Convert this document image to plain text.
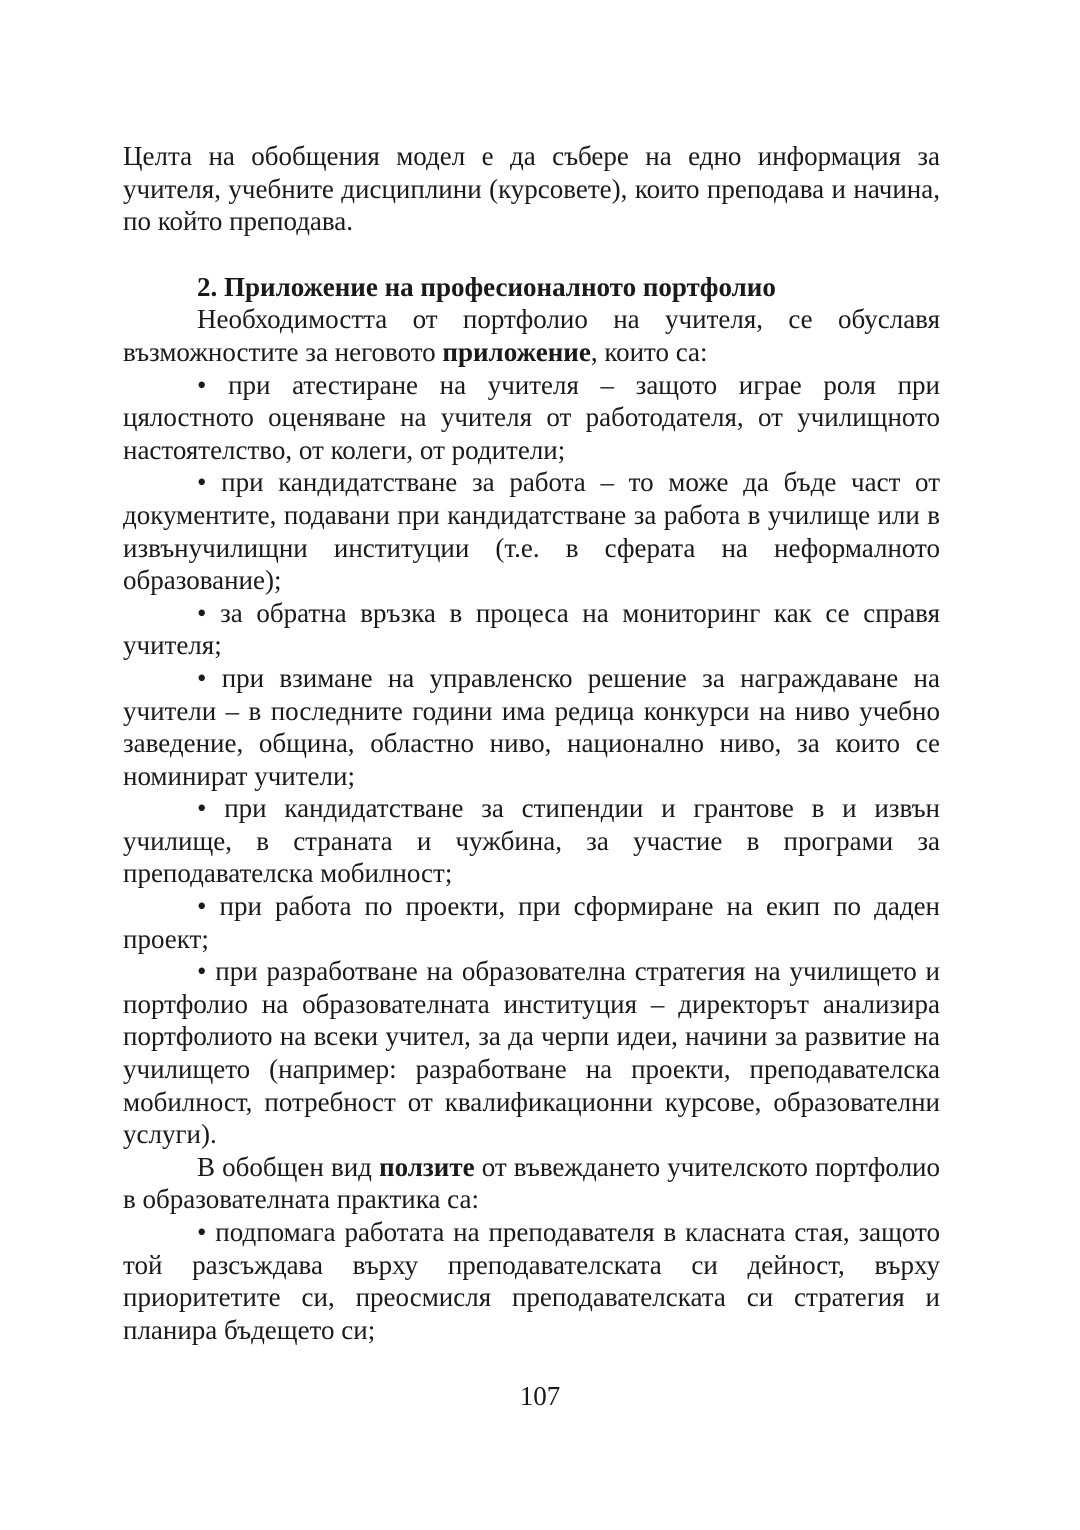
Целта на обобщения модел е да събере на едно информация за учителя, учебните дисциплини (курсовете), които преподава и начина, по който преподава.

2. Приложение на професионалното портфолио

Необходимостта от портфолио на учителя, се обуславя възможностите за неговото приложение, които са:

• при атестиране на учителя – защото играе роля при цялостното оценяване на учителя от работодателя, от училищното настоятелство, от колеги, от родители;

• при кандидатстване за работа – то може да бъде част от документите, подавани при кандидатстване за работа в училище или в извънучилищни институции (т.е. в сферата на неформалното образование);

• за обратна връзка в процеса на мониторинг как се справя учителя;

• при взимане на управленско решение за награждаване на учители – в последните години има редица конкурси на ниво учебно заведение, община, областно ниво, национално ниво, за които се номинират учители;

• при кандидатстване за стипендии и грантове в и извън училище, в страната и чужбина, за участие в програми за преподавателска мобилност;

• при работа по проекти, при сформиране на екип по даден проект;

• при разработване на образователна стратегия на училището и портфолио на образователната институция – директорът анализира портфолиото на всеки учител, за да черпи идеи, начини за развитие на училището (например: разработване на проекти, преподавателска мобилност, потребност от квалификационни курсове, образователни услуги).

В обобщен вид ползите от въвеждането учителското портфолио в образователната практика са:

• подпомага работата на преподавателя в класната стая, защото той разсъждава върху преподавателската си дейност, върху приоритетите си, преосмисля преподавателската си стратегия и планира бъдещето си;

107
